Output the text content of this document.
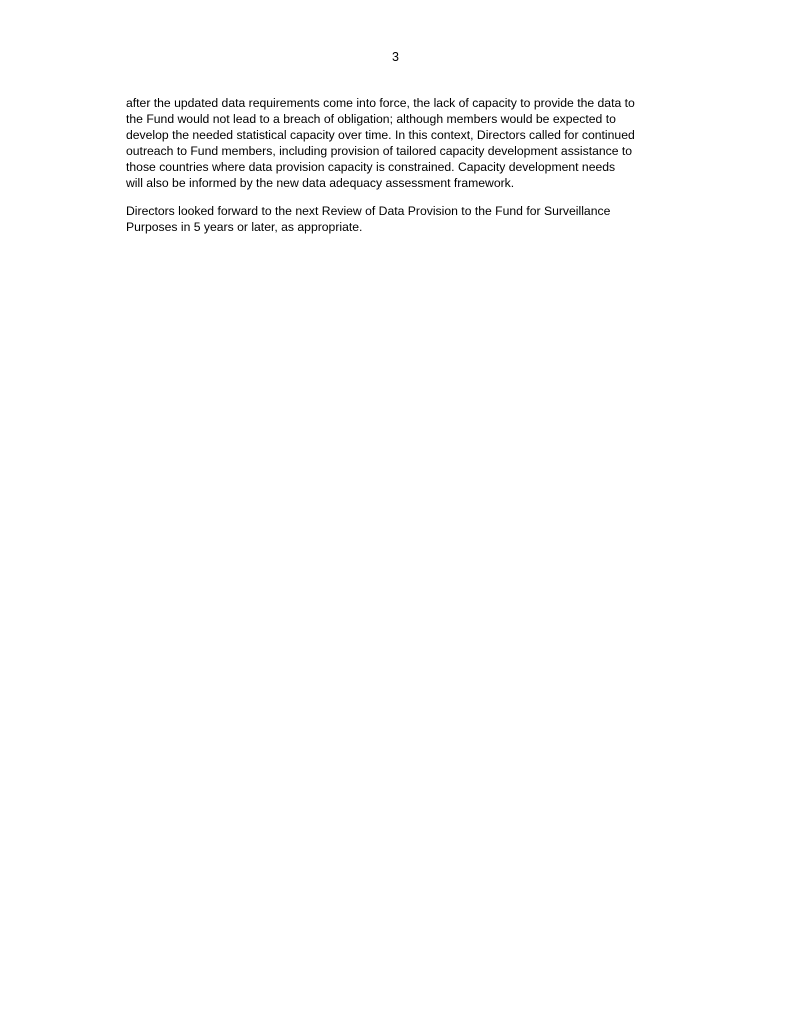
3

after the updated data requirements come into force, the lack of capacity to provide the data to
the Fund would not lead to a breach of obligation; although members would be expected to
develop the needed statistical capacity over time. In this context, Directors called for continued
outreach to Fund members, including provision of tailored capacity development assistance to
those countries where data provision capacity is constrained. Capacity development needs
will also be informed by the new data adequacy assessment framework.

Directors looked forward to the next Review of Data Provision to the Fund for Surveillance
Purposes in 5 years or later, as appropriate.
